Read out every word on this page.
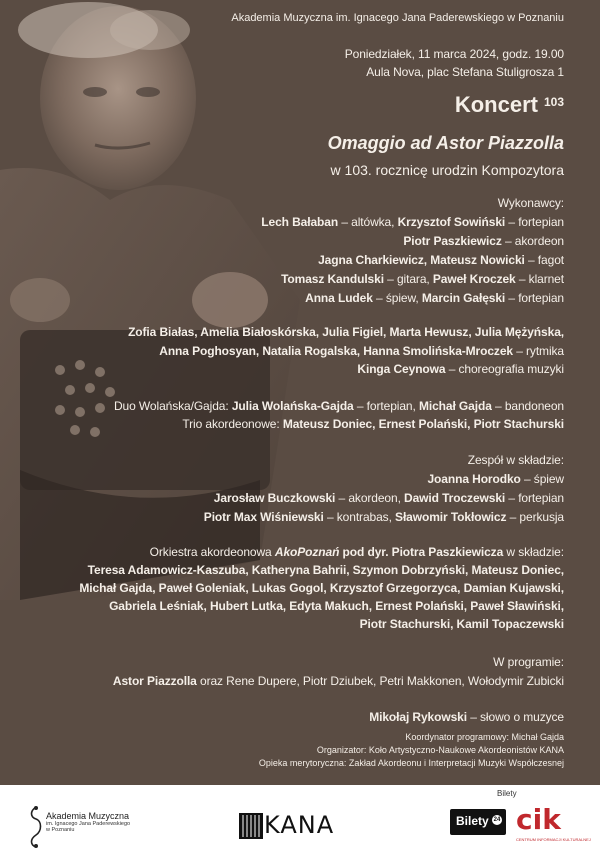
Akademia Muzyczna im. Ignacego Jana Paderewskiego w Poznaniu
Poniedziałek, 11 marca 2024, godz. 19.00
Aula Nova, plac Stefana Stuligrosza 1
Koncert $^{103}$
Omaggio ad Astor Piazzolla
w 103. rocznicę urodzin Kompozytora
Wykonawcy:
Lech Bałaban – altówka, Krzysztof Sowiński – fortepian
Piotr Paszkiewicz – akordeon
Jagna Charkiewicz, Mateusz Nowicki – fagot
Tomasz Kandulski – gitara, Paweł Kroczek – klarnet
Anna Ludek – śpiew, Marcin Gałęski – fortepian
Zofia Białas, Amelia Białoskórska, Julia Figiel, Marta Hewusz, Julia Mężyńska,
Anna Poghosyan, Natalia Rogalska, Hanna Smolińska-Mroczek – rytmika
Kinga Ceynowa – choreografia muzyki
Duo Wolańska/Gajda: Julia Wolańska-Gajda – fortepian, Michał Gajda – bandoneon
Trio akordeonowe: Mateusz Doniec, Ernest Polański, Piotr Stachurski
Zespół w składzie:
Joanna Horodko – śpiew
Jarosław Buczkowski – akordeon, Dawid Troczewski – fortepian
Piotr Max Wiśniewski – kontrabas, Sławomir Tokłowicz – perkusja
Orkiestra akordeonowa AkoPoznań pod dyr. Piotra Paszkiewicza w składzie:
Teresa Adamowicz-Kaszuba, Katheryna Bahrii, Szymon Dobrzyński, Mateusz Doniec,
Michał Gajda, Paweł Goleniak, Lukas Gogol, Krzysztof Grzegorzyca, Damian Kujawski,
Gabriela Leśniak, Hubert Lutka, Edyta Makuch, Ernest Polański, Paweł Sławiński,
Piotr Stachurski, Kamil Topaczewski
W programie:
Astor Piazzolla oraz Rene Dupere, Piotr Dziubek, Petri Makkonen, Wołodymir Zubicki
Mikołaj Rykowski – słowo o muzyce
Koordynator programowy: Michał Gajda
Organizator: Koło Artystyczno-Naukowe Akordeonistów KANA
Opieka merytoryczna: Zakład Akordeonu i Interpretacji Muzyki Współczesnej
Akademia Muzyczna
im. Ignacego Jana Paderewskiego
w Poznaniu	KANA
Bilety
Bilety 24 cik
CENTRUM INFORMACJI KULTURALNEJ
